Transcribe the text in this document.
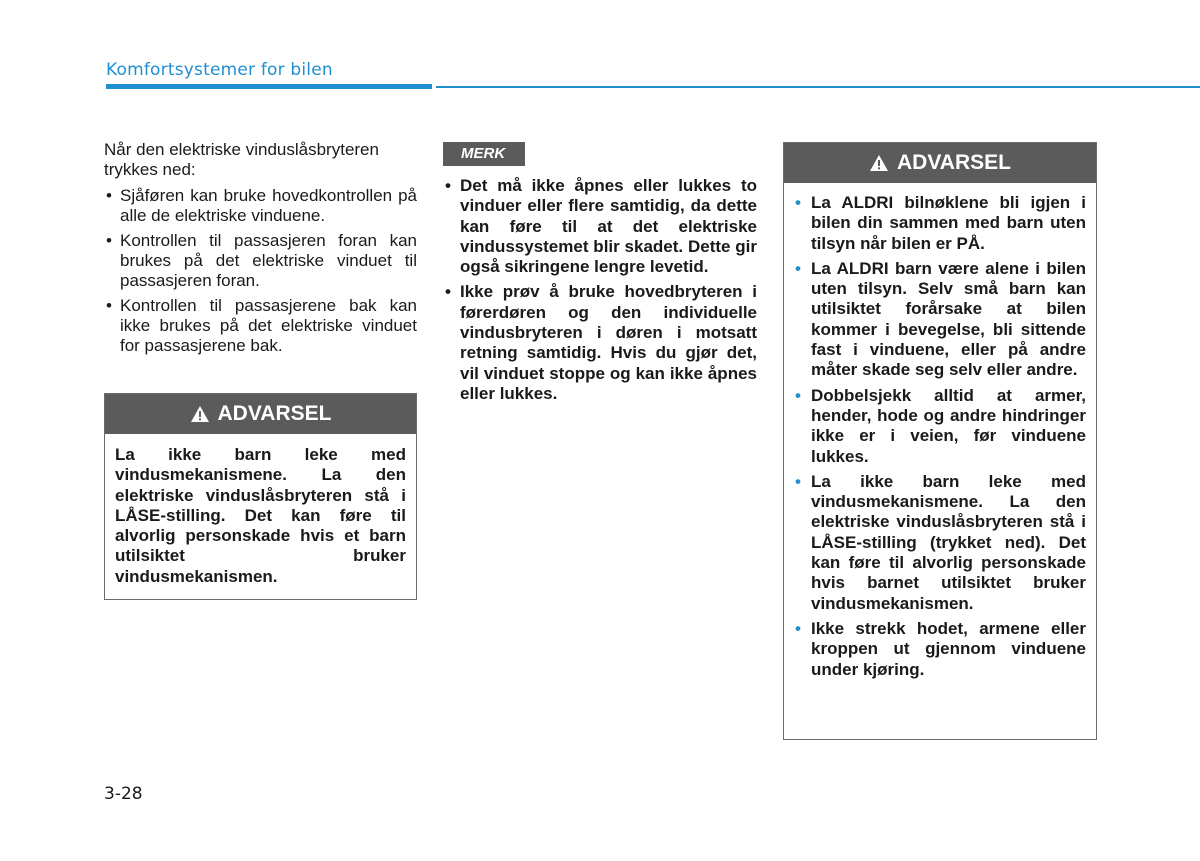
Komfortsystemer for bilen

Når den elektriske vinduslåsbryteren trykkes ned:

• Sjåføren kan bruke hovedkontrollen på alle de elektriske vinduene.
• Kontrollen til passasjeren foran kan brukes på det elektriske vinduet til passasjeren foran.
• Kontrollen til passasjerene bak kan ikke brukes på det elektriske vinduet for passasjerene bak.
ADVARSEL
La ikke barn leke med vindusmekanismene. La den elektriske vinduslåsbryteren stå i LÅSE-stilling. Det kan føre til alvorlig personskade hvis et barn utilsiktet bruker vindusmekanismen.
MERK
• Det må ikke åpnes eller lukkes to vinduer eller flere samtidig, da dette kan føre til at det elektriske vindussystemet blir skadet. Dette gir også sikringene lengre levetid.
• Ikke prøv å bruke hovedbryteren i førerdøren og den individuelle vindusbryteren i døren i motsatt retning samtidig. Hvis du gjør det, vil vinduet stoppe og kan ikke åpnes eller lukkes.
ADVARSEL
• La ALDRI bilnøklene bli igjen i bilen din sammen med barn uten tilsyn når bilen er PÅ.
• La ALDRI barn være alene i bilen uten tilsyn. Selv små barn kan utilsiktet forårsake at bilen kommer i bevegelse, bli sittende fast i vinduene, eller på andre måter skade seg selv eller andre.
• Dobbelsjekk alltid at armer, hender, hode og andre hindringer ikke er i veien, før vinduene lukkes.
• La ikke barn leke med vindusmekanismene. La den elektriske vinduslåsbryteren stå i LÅSE-stilling (trykket ned). Det kan føre til alvorlig personskade hvis barnet utilsiktet bruker vindusmekanismen.
• Ikke strekk hodet, armene eller kroppen ut gjennom vinduene under kjøring.
3-28
